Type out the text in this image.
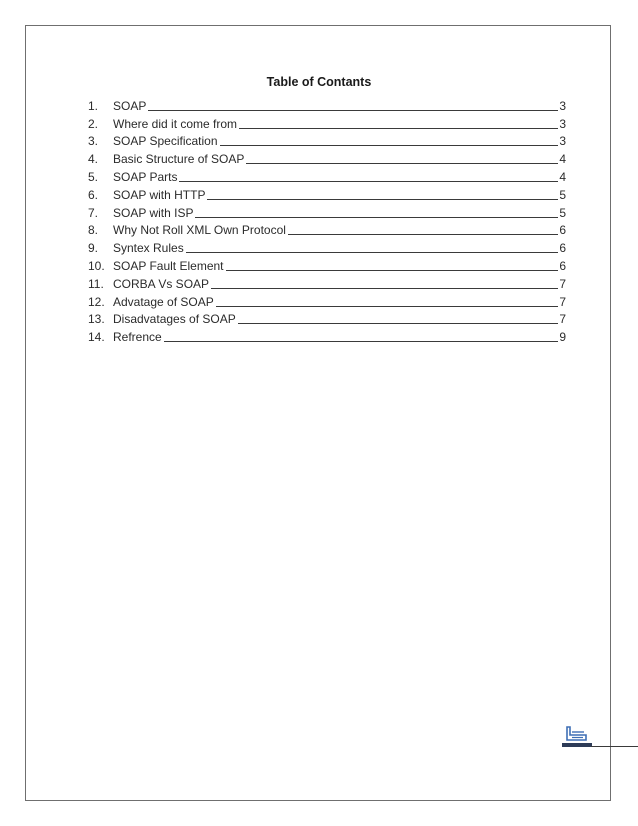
Table of Contants
1.	SOAP	3
2.	Where did it come from	3
3.	SOAP Specification	3
4.	Basic Structure of SOAP	4
5.	SOAP Parts	4
6.	SOAP with HTTP	5
7.	SOAP with ISP	5
8.	Why Not Roll XML Own Protocol	6
9.	Syntex Rules	6
10. SOAP Fault Element	6
11. CORBA Vs SOAP	7
12. Advatage of SOAP	7
13. Disadvatages of SOAP	7
14. Refrence	9
